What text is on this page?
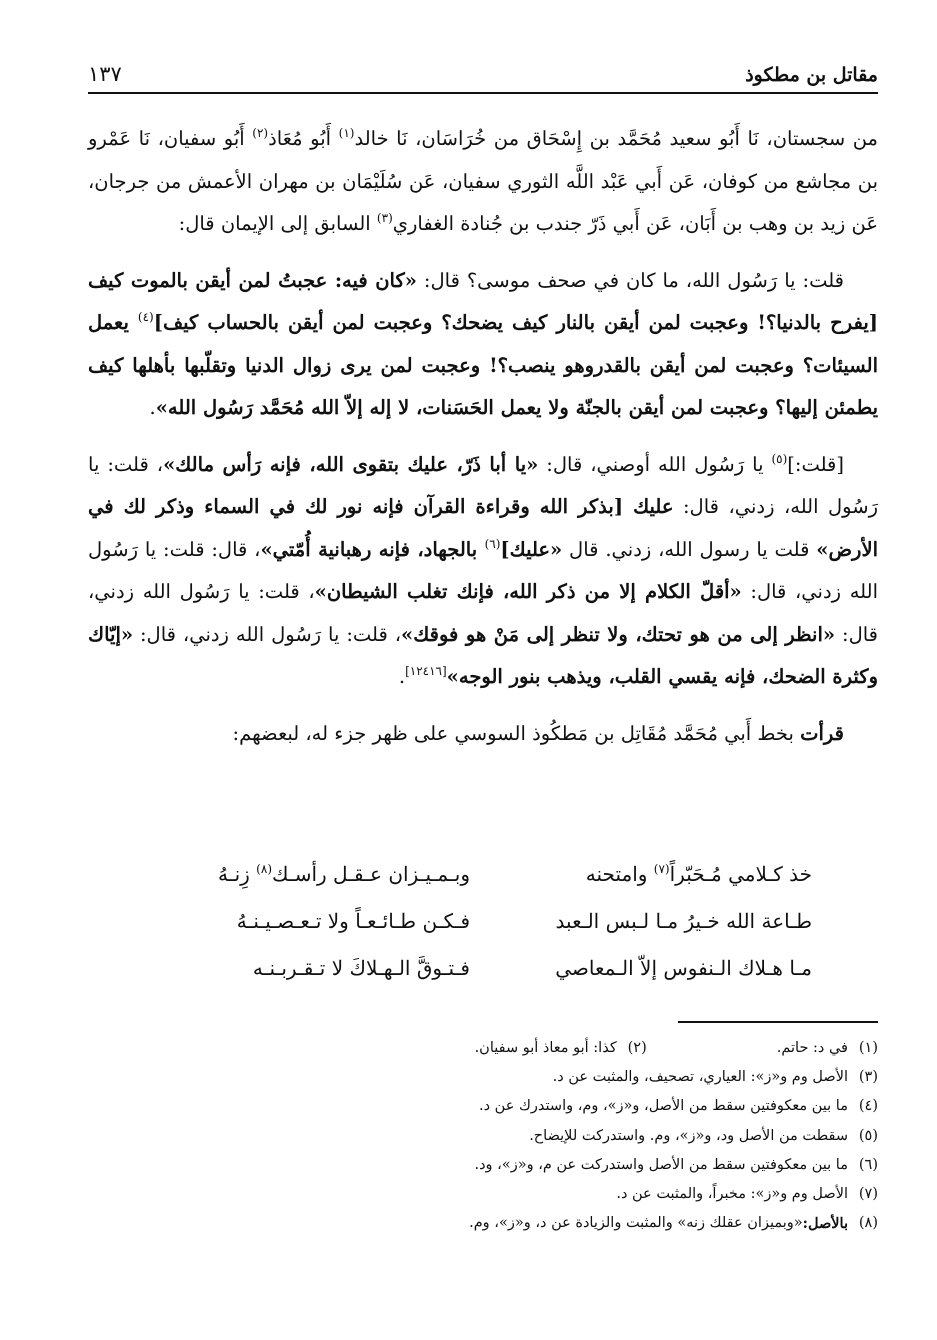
مقاتل بن مطكوذ
١٣٧

من سجستان، نَا أَبُو سعيد مُحَمَّد بن إِسْحَاق من خُرَاسَان، نَا خالد$^{(١)}$ أَبُو مُعَاذ$^{(٢)}$ أَبُو سفيان، نَا عَمْرو بن مجاشع من كوفان، عَن أَبي عَبْد اللَّه الثوري سفيان، عَن سُلَيْمَان بن مهران الأعمش من جرجان، عَن زيد بن وهب بن أَبَان، عَن أَبي ذَرّ جندب بن جُنادة الغفاري$^{(٣)}$ السابق إلى الإيمان قال:

قلت: يا رَسُول الله، ما كان في صحف موسى؟ قال: «كان فيه: عجبتُ لمن أيقن بالموت كيف [يفرح بالدنيا؟! وعجبت لمن أيقن بالنار كيف يضحك؟ وعجبت لمن أيقن بالحساب كيف]$^{(٤)}$ يعمل السيئات؟ وعجبت لمن أيقن بالقدروهو ينصب؟! وعجبت لمن يرى زوال الدنيا وتقلّبها بأهلها كيف يطمئن إليها؟ وعجبت لمن أيقن بالجنّة ولا يعمل الحَسَنات، لا إله إلاّ الله مُحَمَّد رَسُول الله».

[قلت:]$^{(٥)}$ يا رَسُول الله أوصني، قال: «يا أبا ذَرّ، عليك بتقوى الله، فإنه رَأس مالك»، قلت: يا رَسُول الله، زدني، قال: عليك [بذكر الله وقراءة القرآن فإنه نور لك في السماء وذكر لك في الأرض» قلت يا رسول الله، زدني. قال «عليك]$^{(٦)}$ بالجهاد، فإنه رهبانية أُمّتي»، قال: قلت: يا رَسُول الله زدني، قال: «أقلّ الكلام إلا من ذكر الله، فإنك تغلب الشيطان»، قلت: يا رَسُول الله زدني، قال: «انظر إلى من هو تحتك، ولا تنظر إلى مَنْ هو فوقك»، قلت: يا رَسُول الله زدني، قال: «إيّاك وكثرة الضحك، فإنه يقسي القلب، ويذهب بنور الوجه»[١٢٤١٦].

قرأت بخط أَبي مُحَمَّد مُقَاتِل بن مَطكُوذ السوسي على ظهر جزء له، لبعضهم:

خذ كـلامي مُـحَبّراً$^{(٧)}$ وامتحنه
وبـمـيـزان عـقـل رأسـك$^{(٨)}$ زِنـهُ
طـاعة الله خـيرُ مـا لـبس الـعبد
فـكـن طـائـعـاً ولا تـعـصـيـنـهُ
مـا هـلاك الـنفوس إلاّ الـمعاصي
فـتـوقَّ الـهـلاكَ لا تـقـربـنـه
(١)
في د: حاتم.
(٢)
كذا: أبو معاذ أبو سفيان.
(٣)
الأصل وم و«ز»: العياري، تصحيف، والمثبت عن د.
(٤)
ما بين معكوفتين سقط من الأصل، و«ز»، وم، واستدرك عن د.
(٥)
سقطت من الأصل ود، و«ز»، وم. واستدركت للإيضاح.
(٦)
ما بين معكوفتين سقط من الأصل واستدركت عن م، و«ز»، ود.
(٧)
الأصل وم و«ز»: مخبراً، والمثبت عن د.
(٨)
بالأصل:
«وبميزان عقلك زنه» والمثبت والزيادة عن د، و«ز»، وم.
